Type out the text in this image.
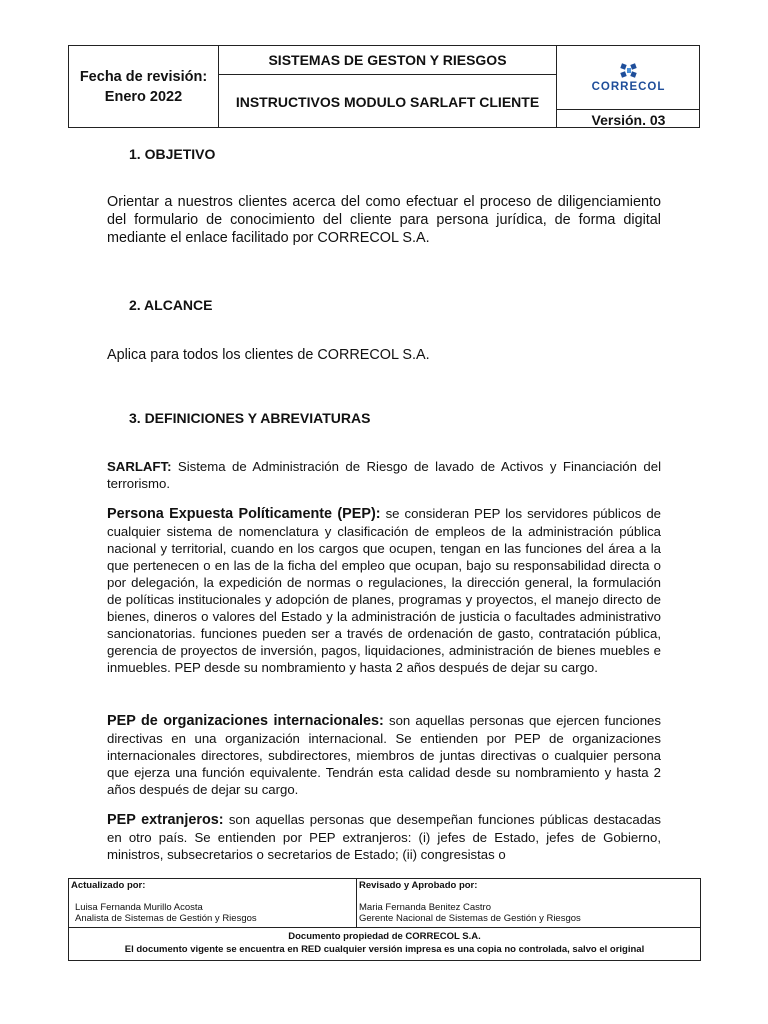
Fecha de revisión:
Enero 2022
SISTEMAS DE GESTON Y RIESGOS
INSTRUCTIVOS MODULO SARLAFT CLIENTE
CORRECOL
Versión. 03
1. OBJETIVO
Orientar a nuestros clientes acerca del como efectuar el proceso de diligenciamiento del formulario de conocimiento del cliente para persona jurídica, de forma digital mediante el enlace facilitado por CORRECOL S.A.
2. ALCANCE
Aplica para todos los clientes de CORRECOL S.A.
3. DEFINICIONES Y ABREVIATURAS
SARLAFT: Sistema de Administración de Riesgo de lavado de Activos y Financiación del terrorismo.
Persona Expuesta Políticamente (PEP): se consideran PEP los servidores públicos de cualquier sistema de nomenclatura y clasificación de empleos de la administración pública nacional y territorial, cuando en los cargos que ocupen, tengan en las funciones del área a la que pertenecen o en las de la ficha del empleo que ocupan, bajo su responsabilidad directa o por delegación, la expedición de normas o regulaciones, la dirección general, la formulación de políticas institucionales y adopción de planes, programas y proyectos, el manejo directo de bienes, dineros o valores del Estado y la administración de justicia o facultades administrativo sancionatorias. funciones pueden ser a través de ordenación de gasto, contratación pública, gerencia de proyectos de inversión, pagos, liquidaciones, administración de bienes muebles e inmuebles. PEP desde su nombramiento y hasta 2 años después de dejar su cargo.
PEP de organizaciones internacionales: son aquellas personas que ejercen funciones directivas en una organización internacional. Se entienden por PEP de organizaciones internacionales directores, subdirectores, miembros de juntas directivas o cualquier persona que ejerza una función equivalente. Tendrán esta calidad desde su nombramiento y hasta 2 años después de dejar su cargo.
PEP extranjeros: son aquellas personas que desempeñan funciones públicas destacadas en otro país. Se entienden por PEP extranjeros: (i) jefes de Estado, jefes de Gobierno, ministros, subsecretarios o secretarios de Estado; (ii) congresistas o
Actualizado por:
Luisa Fernanda Murillo Acosta
Analista de Sistemas de Gestión y Riesgos
Revisado y Aprobado por:
Maria Fernanda Benitez Castro
Gerente Nacional de Sistemas de Gestión y Riesgos
Documento propiedad de CORRECOL S.A.
El documento vigente se encuentra en RED cualquier versión impresa es una copia no controlada, salvo el original
